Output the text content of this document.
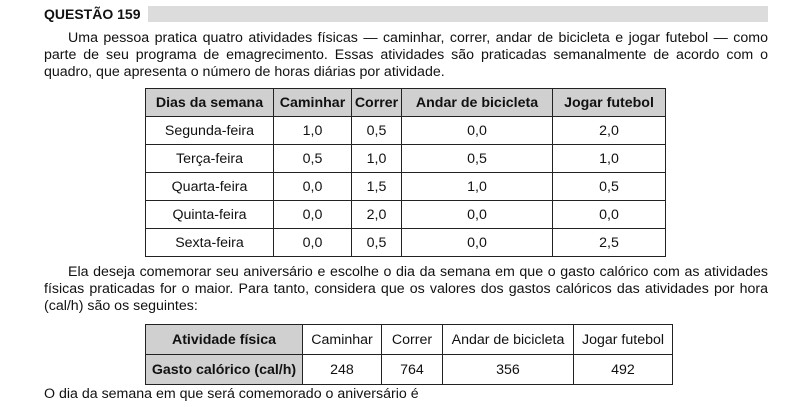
QUESTÃO 159

Uma pessoa pratica quatro atividades físicas — caminhar, correr, andar de bicicleta e jogar futebol — como parte de seu programa de emagrecimento. Essas atividades são praticadas semanalmente de acordo com o quadro, que apresenta o número de horas diárias por atividade.

Dias da semana	Caminhar	Correr	Andar de bicicleta	Jogar futebol
Segunda-feira	1,0	0,5	0,0	2,0
Terça-feira	0,5	1,0	0,5	1,0
Quarta-feira	0,0	1,5	1,0	0,5
Quinta-feira	0,0	2,0	0,0	0,0
Sexta-feira	0,0	0,5	0,0	2,5

Ela deseja comemorar seu aniversário e escolhe o dia da semana em que o gasto calórico com as atividades físicas praticadas for o maior. Para tanto, considera que os valores dos gastos calóricos das atividades por hora (cal/h) são os seguintes:

Atividade física	Caminhar	Correr	Andar de bicicleta	Jogar futebol
Gasto calórico (cal/h)	248	764	356	492

O dia da semana em que será comemorado o aniversário é
